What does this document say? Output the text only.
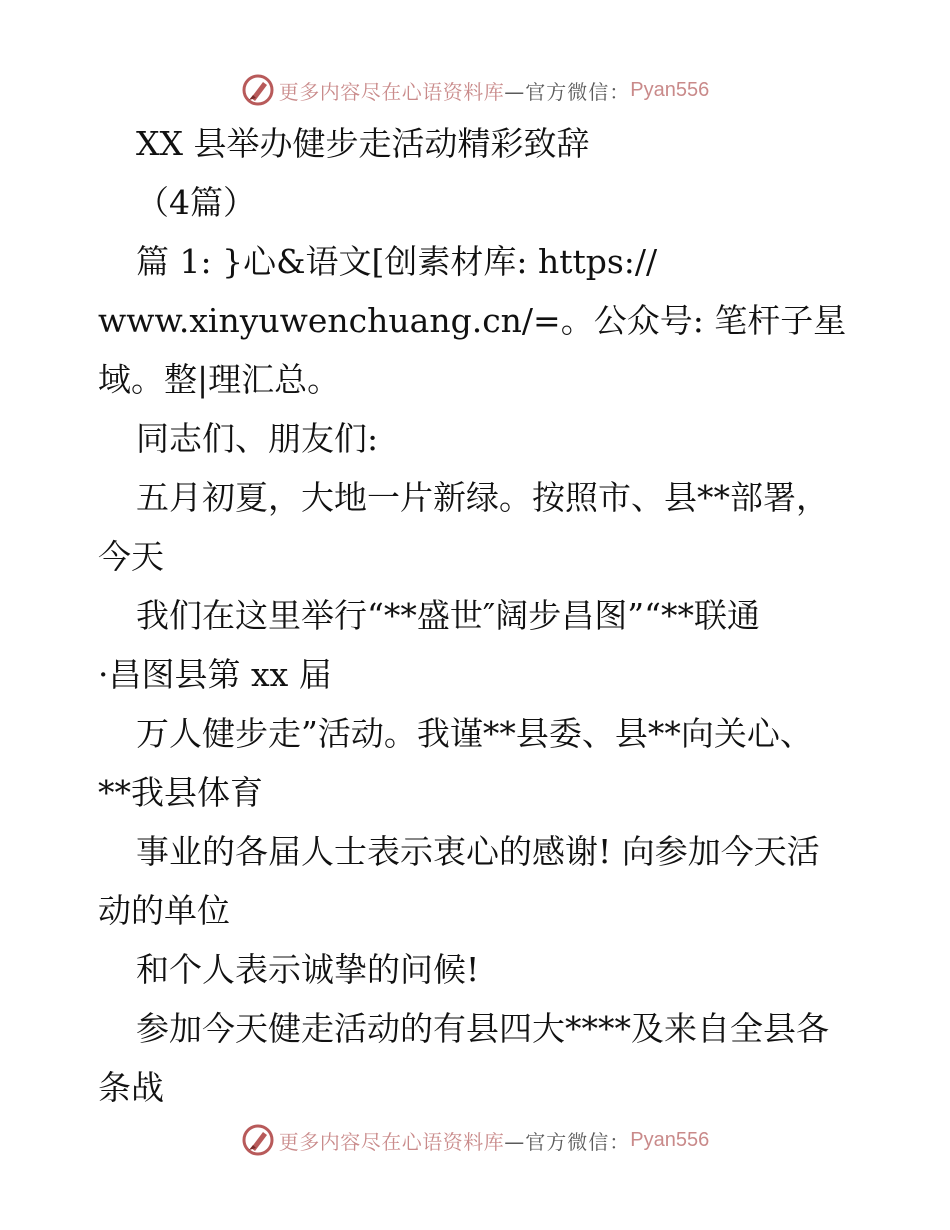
更多内容尽在心语资料库 —官方微信： Pyan556
XX 县举办健步走活动精彩致辞
（4篇）
篇 1: }心&语文[创素材库: https://
www.xinyuwenchuang.cn/=。公众号: 笔杆子星
域。整|理汇总。
同志们、朋友们:
五月初夏，大地一片新绿。按照市、县**部署，
今天
我们在这里举行“**盛世″阔步昌图”“**联通
·昌图县第 xx 届
万人健步走”活动。我谨**县委、县**向关心、
**我县体育
事业的各届人士表示衷心的感谢! 向参加今天活
动的单位
和个人表示诚挚的问候!
参加今天健走活动的有县四大****及来自全县各
条战
更多内容尽在心语资料库 —官方微信： Pyan556
